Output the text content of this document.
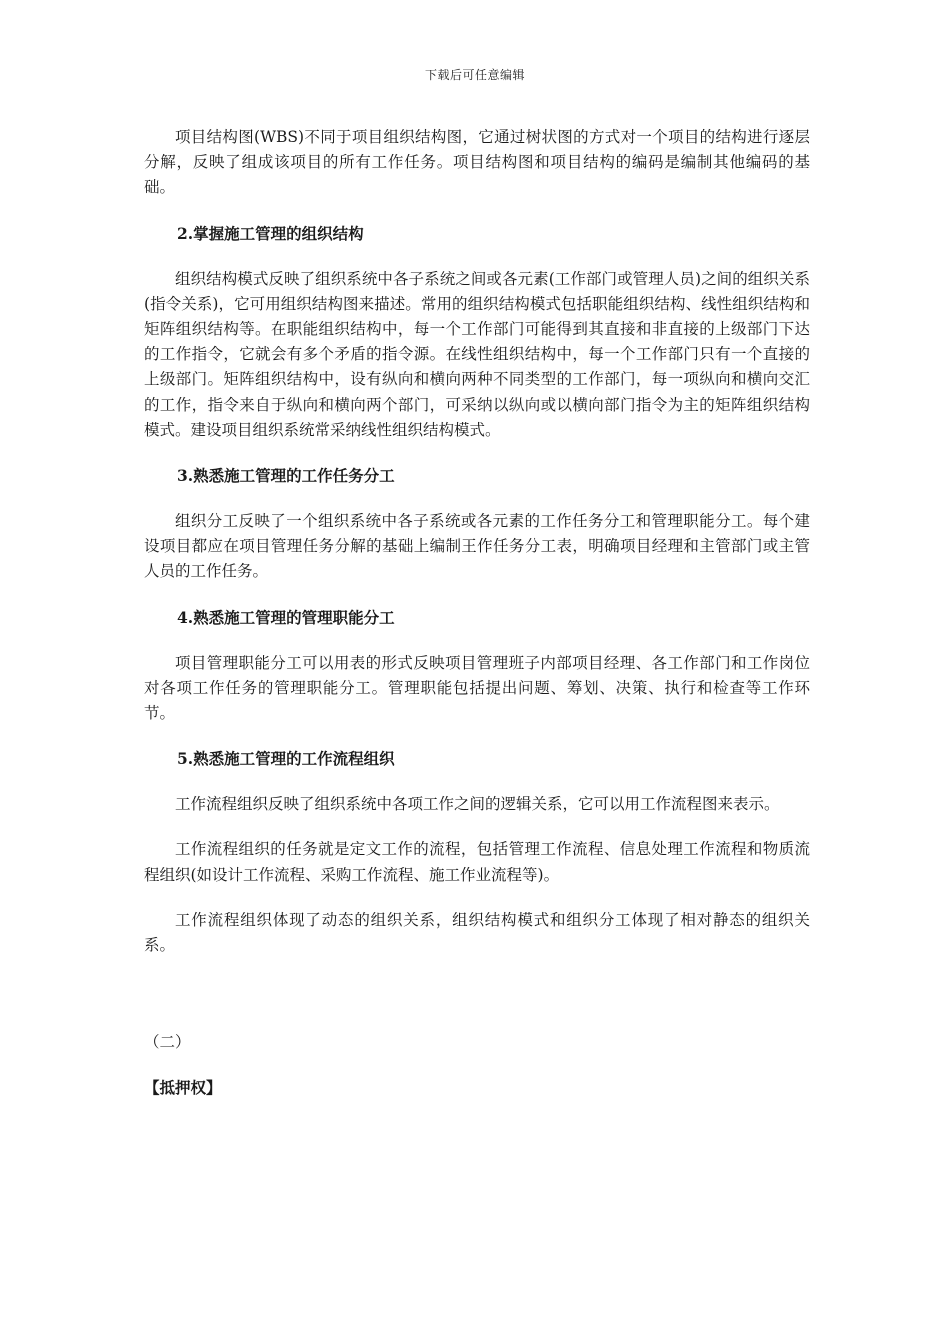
下载后可任意编辑

项目结构图(WBS)不同于项目组织结构图，它通过树状图的方式对一个项目的结构进行逐层分解，反映了组成该项目的所有工作任务。项目结构图和项目结构的编码是编制其他编码的基础。

2.掌握施工管理的组织结构

组织结构模式反映了组织系统中各子系统之间或各元素(工作部门或管理人员)之间的组织关系(指令关系)，它可用组织结构图来描述。常用的组织结构模式包括职能组织结构、线性组织结构和矩阵组织结构等。在职能组织结构中，每一个工作部门可能得到其直接和非直接的上级部门下达的工作指令，它就会有多个矛盾的指令源。在线性组织结构中，每一个工作部门只有一个直接的上级部门。矩阵组织结构中，设有纵向和横向两种不同类型的工作部门，每一项纵向和横向交汇的工作，指令来自于纵向和横向两个部门，可采纳以纵向或以横向部门指令为主的矩阵组织结构模式。建设项目组织系统常采纳线性组织结构模式。

3.熟悉施工管理的工作任务分工

组织分工反映了一个组织系统中各子系统或各元素的工作任务分工和管理职能分工。每个建设项目都应在项目管理任务分解的基础上编制王作任务分工表，明确项目经理和主管部门或主管人员的工作任务。

4.熟悉施工管理的管理职能分工

项目管理职能分工可以用表的形式反映项目管理班子内部项目经理、各工作部门和工作岗位对各项工作任务的管理职能分工。管理职能包括提出问题、筹划、决策、执行和检查等工作环节。

5.熟悉施工管理的工作流程组织

工作流程组织反映了组织系统中各项工作之间的逻辑关系，它可以用工作流程图来表示。

工作流程组织的任务就是定文工作的流程，包括管理工作流程、信息处理工作流程和物质流程组织(如设计工作流程、采购工作流程、施工作业流程等)。

工作流程组织体现了动态的组织关系，组织结构模式和组织分工体现了相对静态的组织关系。

（二）

【抵押权】
